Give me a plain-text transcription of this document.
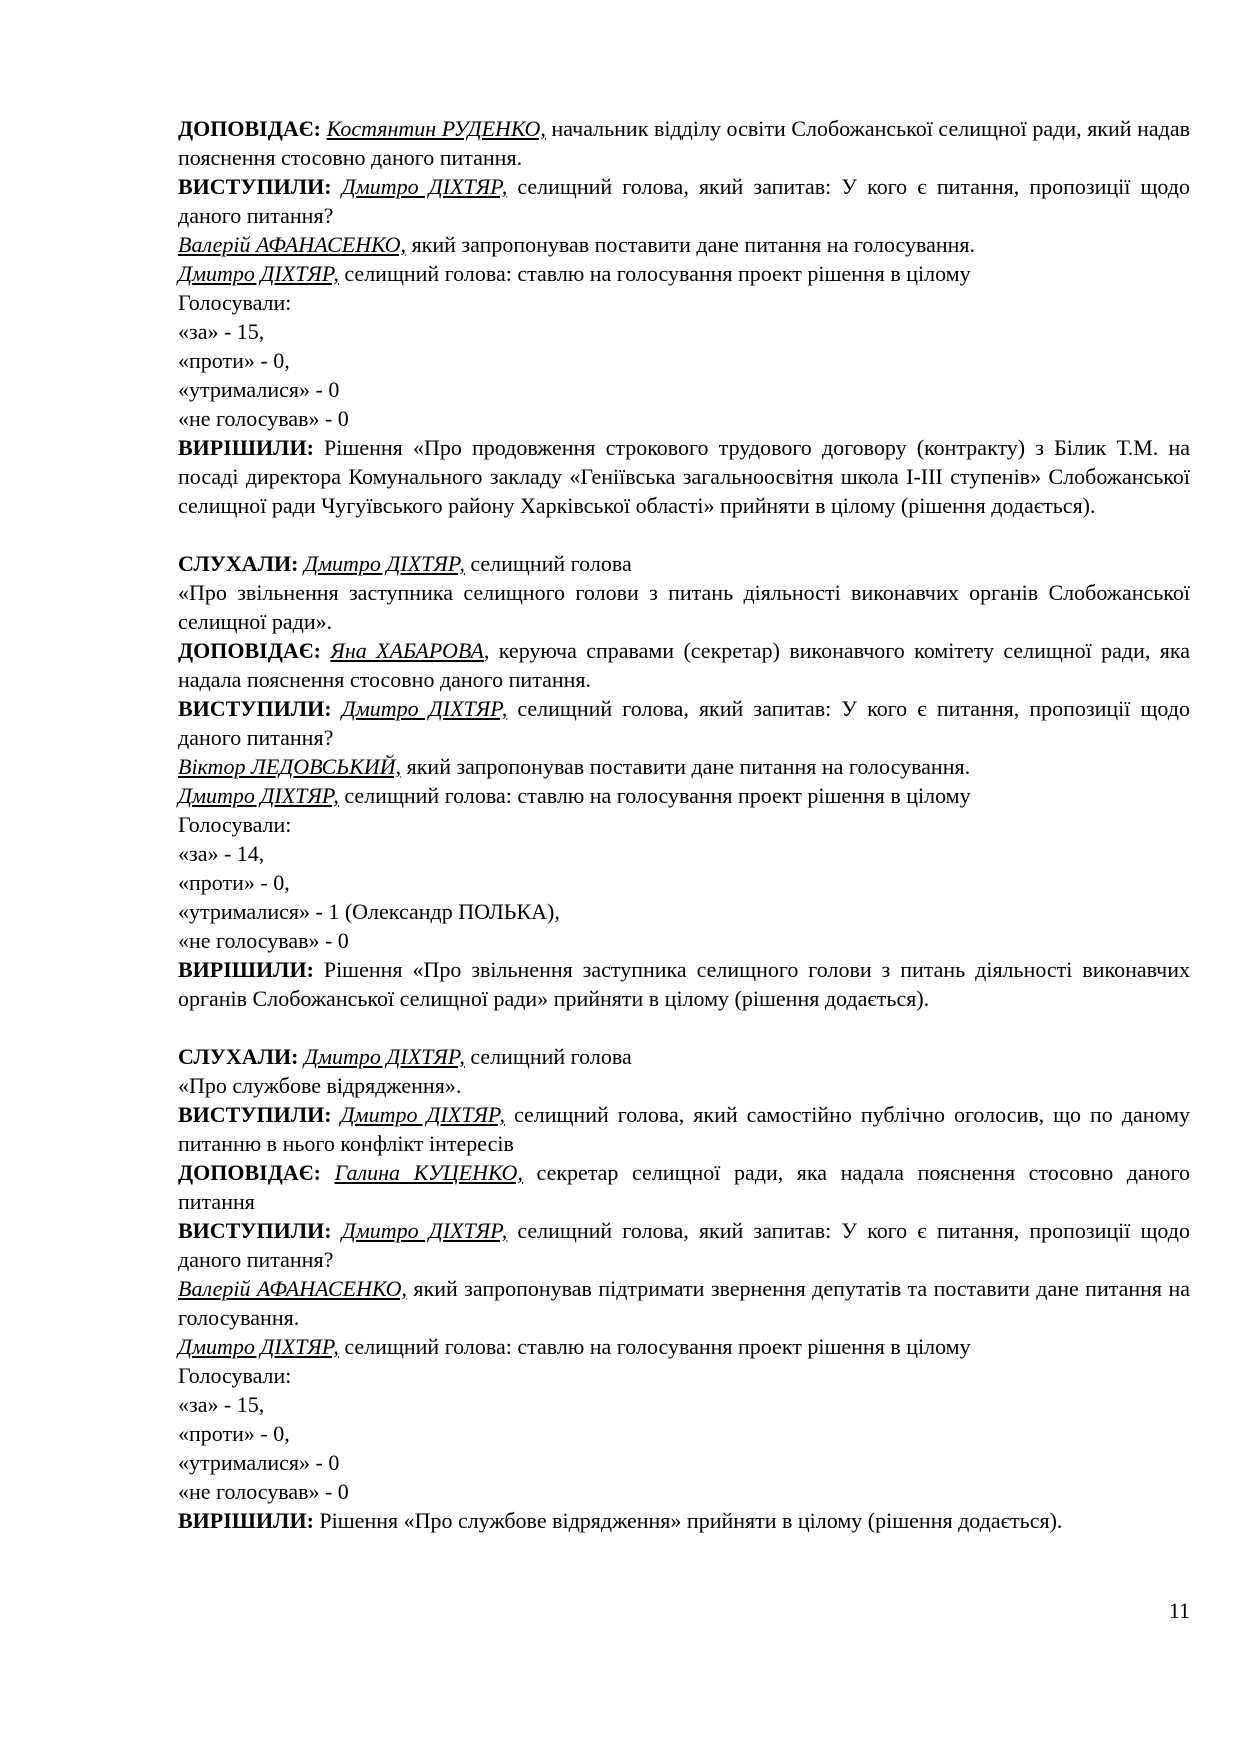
ДОПОВІДАЄ: Костянтин РУДЕНКО, начальник відділу освіти Слобожанської селищної ради, який надав пояснення стосовно даного питання.

ВИСТУПИЛИ: Дмитро ДІХТЯР, селищний голова, який запитав: У кого є питання, пропозиції щодо даного питання?

Валерій АФАНАСЕНКО, який запропонував поставити дане питання на голосування.

Дмитро ДІХТЯР, селищний голова: ставлю на голосування проект рішення в цілому

Голосували:

«за» - 15,

«проти» - 0,

«утрималися» - 0

«не голосував» - 0

ВИРІШИЛИ: Рішення «Про продовження строкового трудового договору (контракту) з Білик Т.М. на посаді директора Комунального закладу «Геніївська загальноосвітня школа І-ІІІ ступенів» Слобожанської селищної ради Чугуївського району Харківської області» прийняти в цілому (рішення додається).

СЛУХАЛИ: Дмитро ДІХТЯР, селищний голова

«Про звільнення заступника селищного голови з питань діяльності виконавчих органів Слобожанської селищної ради».

ДОПОВІДАЄ: Яна ХАБАРОВА, керуюча справами (секретар) виконавчого комітету селищної ради, яка надала пояснення стосовно даного питання.

ВИСТУПИЛИ: Дмитро ДІХТЯР, селищний голова, який запитав: У кого є питання, пропозиції щодо даного питання?

Віктор ЛЕДОВСЬКИЙ, який запропонував поставити дане питання на голосування.

Дмитро ДІХТЯР, селищний голова: ставлю на голосування проект рішення в цілому

Голосували:

«за» - 14,

«проти» - 0,

«утрималися» - 1 (Олександр ПОЛЬКА),

«не голосував» - 0

ВИРІШИЛИ: Рішення «Про звільнення заступника селищного голови з питань діяльності виконавчих органів Слобожанської селищної ради» прийняти в цілому (рішення додається).

СЛУХАЛИ: Дмитро ДІХТЯР, селищний голова

«Про службове відрядження».

ВИСТУПИЛИ: Дмитро ДІХТЯР, селищний голова, який самостійно публічно оголосив, що по даному питанню в нього конфлікт інтересів

ДОПОВІДАЄ: Галина КУЦЕНКО, секретар селищної ради, яка надала пояснення стосовно даного питання

ВИСТУПИЛИ: Дмитро ДІХТЯР, селищний голова, який запитав: У кого є питання, пропозиції щодо даного питання?

Валерій АФАНАСЕНКО, який запропонував підтримати звернення депутатів та поставити дане питання на голосування.

Дмитро ДІХТЯР, селищний голова: ставлю на голосування проект рішення в цілому

Голосували:

«за» - 15,

«проти» - 0,

«утрималися» - 0

«не голосував» - 0

ВИРІШИЛИ: Рішення «Про службове відрядження» прийняти в цілому (рішення додається).

11
